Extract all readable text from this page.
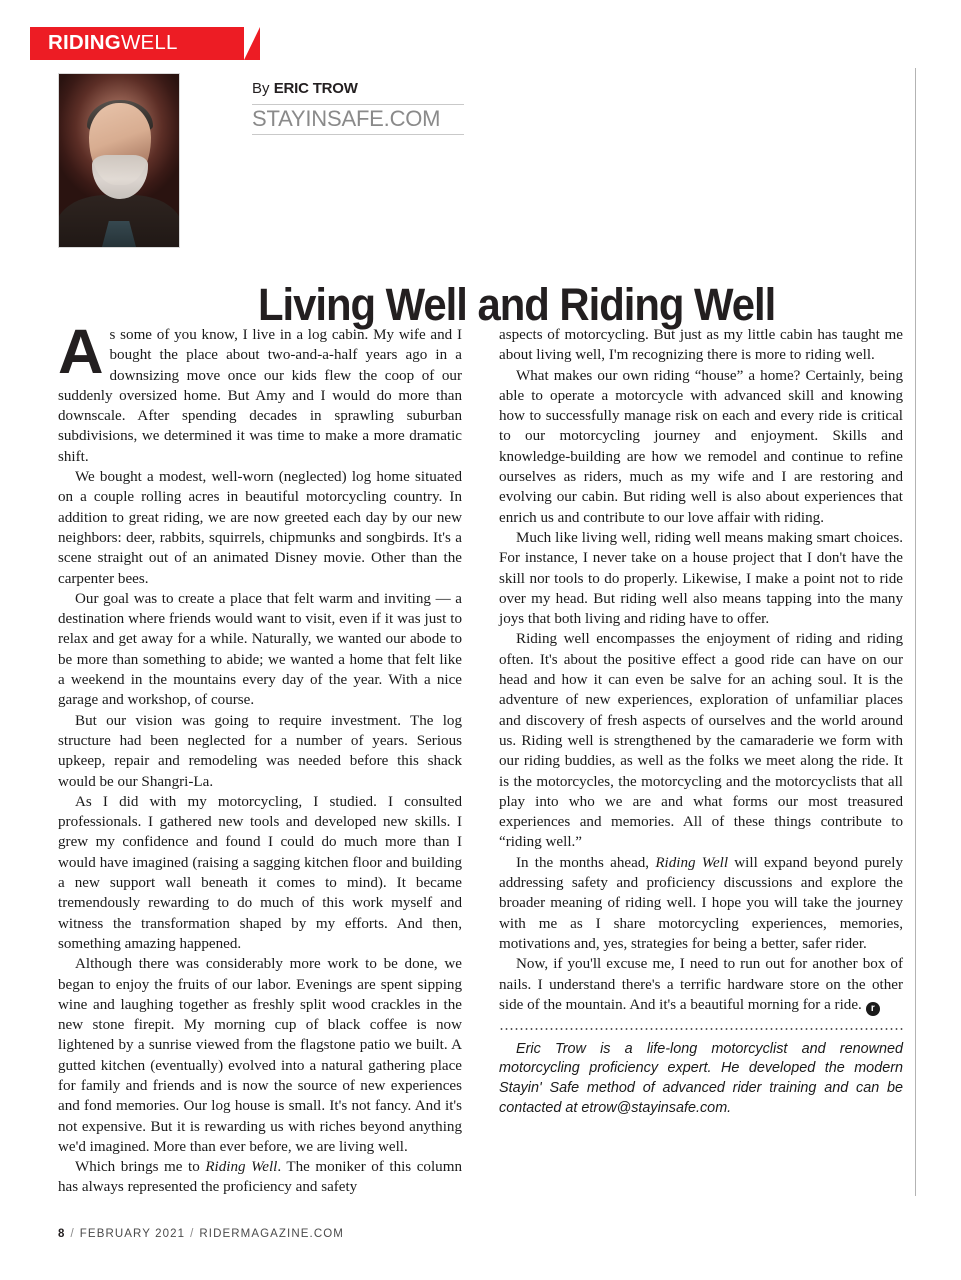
RIDINGWELL
By ERIC TROW
STAYINSAFE.COM
Living Well and Riding Well

As some of you know, I live in a log cabin. My wife and I bought the place about two-and-a-half years ago in a downsizing move once our kids flew the coop of our suddenly oversized home. But Amy and I would do more than downscale. After spending decades in sprawling suburban subdivisions, we determined it was time to make a more dramatic shift.

We bought a modest, well-worn (neglected) log home situated on a couple rolling acres in beautiful motorcycling country. In addition to great riding, we are now greeted each day by our new neighbors: deer, rabbits, squirrels, chipmunks and songbirds. It's a scene straight out of an animated Disney movie. Other than the carpenter bees.

Our goal was to create a place that felt warm and inviting — a destination where friends would want to visit, even if it was just to relax and get away for a while. Naturally, we wanted our abode to be more than something to abide; we wanted a home that felt like a weekend in the mountains every day of the year. With a nice garage and workshop, of course.

But our vision was going to require investment. The log structure had been neglected for a number of years. Serious upkeep, repair and remodeling was needed before this shack would be our Shangri-La.

As I did with my motorcycling, I studied. I consulted professionals. I gathered new tools and developed new skills. I grew my confidence and found I could do much more than I would have imagined (raising a sagging kitchen floor and building a new support wall beneath it comes to mind). It became tremendously rewarding to do much of this work myself and witness the transformation shaped by my efforts. And then, something amazing happened.

Although there was considerably more work to be done, we began to enjoy the fruits of our labor. Evenings are spent sipping wine and laughing together as freshly split wood crackles in the new stone firepit. My morning cup of black coffee is now lightened by a sunrise viewed from the flagstone patio we built. A gutted kitchen (eventually) evolved into a natural gathering place for family and friends and is now the source of new experiences and fond memories. Our log house is small. It's not fancy. And it's not expensive. But it is rewarding us with riches beyond anything we'd imagined. More than ever before, we are living well.

Which brings me to Riding Well. The moniker of this column has always represented the proficiency and safety

aspects of motorcycling. But just as my little cabin has taught me about living well, I'm recognizing there is more to riding well.

What makes our own riding “house” a home? Certainly, being able to operate a motorcycle with advanced skill and knowing how to successfully manage risk on each and every ride is critical to our motorcycling journey and enjoyment. Skills and knowledge-building are how we remodel and continue to refine ourselves as riders, much as my wife and I are restoring and evolving our cabin. But riding well is also about experiences that enrich us and contribute to our love affair with riding.

Much like living well, riding well means making smart choices. For instance, I never take on a house project that I don't have the skill nor tools to do properly. Likewise, I make a point not to ride over my head. But riding well also means tapping into the many joys that both living and riding have to offer.

Riding well encompasses the enjoyment of riding and riding often. It's about the positive effect a good ride can have on our head and how it can even be salve for an aching soul. It is the adventure of new experiences, exploration of unfamiliar places and discovery of fresh aspects of ourselves and the world around us. Riding well is strengthened by the camaraderie we form with our riding buddies, as well as the folks we meet along the ride. It is the motorcycles, the motorcycling and the motorcyclists that all play into who we are and what forms our most treasured experiences and memories. All of these things contribute to “riding well.”

In the months ahead, Riding Well will expand beyond purely addressing safety and proficiency discussions and explore the broader meaning of riding well. I hope you will take the journey with me as I share motorcycling experiences, memories, motivations and, yes, strategies for being a better, safer rider.

Now, if you'll excuse me, I need to run out for another box of nails. I understand there's a terrific hardware store on the other side of the mountain. And it's a beautiful morning for a ride. r

Eric Trow is a life-long motorcyclist and renowned motorcycling proficiency expert. He developed the modern Stayin' Safe method of advanced rider training and can be contacted at etrow@stayinsafe.com.

8 / FEBRUARY 2021 / RIDERMAGAZINE.COM
